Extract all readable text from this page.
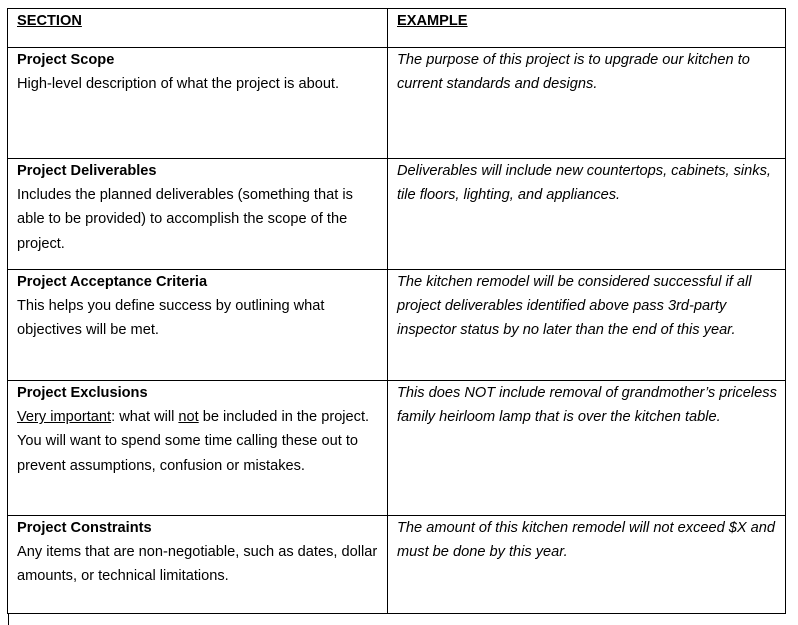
SECTION	EXAMPLE
Project Scope
High-level description of what the project is about.
The purpose of this project is to upgrade our kitchen to current standards and designs.
Project Deliverables
Includes the planned deliverables (something that is able to be provided) to accomplish the scope of the project.
Deliverables will include new countertops, cabinets, sinks, tile floors, lighting, and appliances.
Project Acceptance Criteria
This helps you define success by outlining what objectives will be met.
The kitchen remodel will be considered successful if all project deliverables identified above pass 3rd-party inspector status by no later than the end of this year.
Project Exclusions
Very important: what will not be included in the project. You will want to spend some time calling these out to prevent assumptions, confusion or mistakes.
This does NOT include removal of grandmother’s priceless family heirloom lamp that is over the kitchen table.
Project Constraints
Any items that are non-negotiable, such as dates, dollar amounts, or technical limitations.
The amount of this kitchen remodel will not exceed $X and must be done by this year.
